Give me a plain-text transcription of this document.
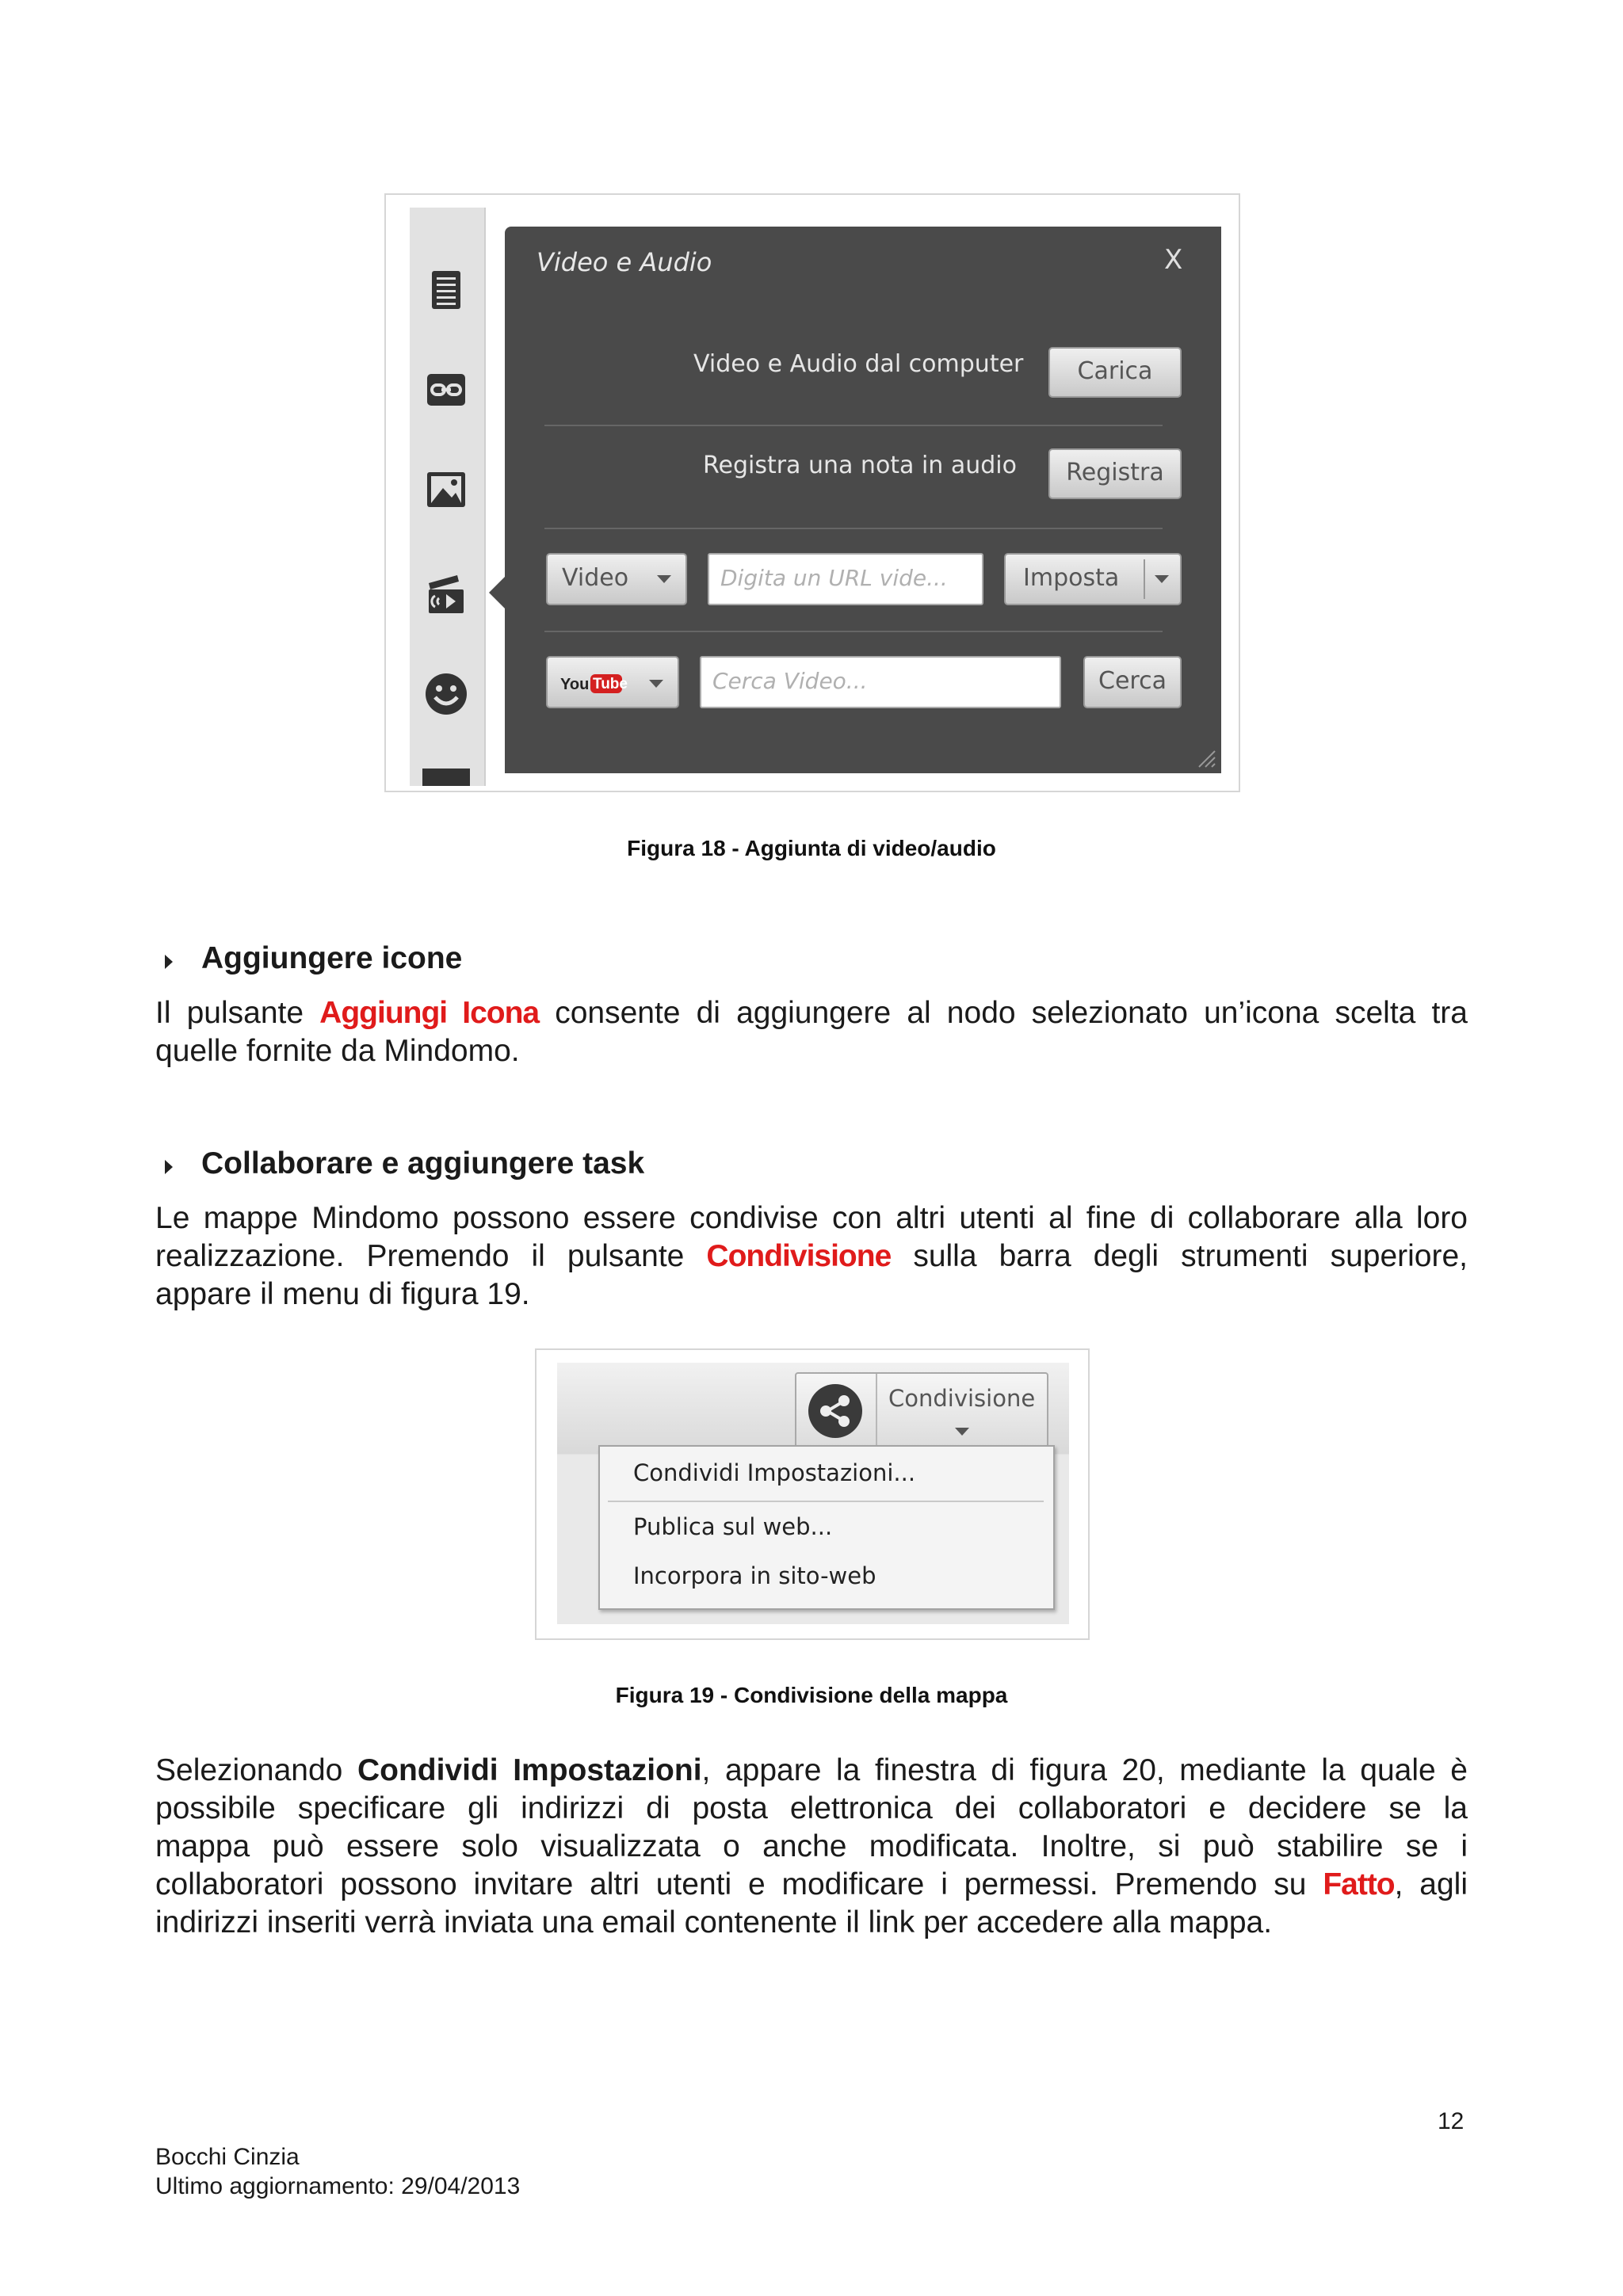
Video e Audio	X
Video e Audio dal computer	Carica
Registra una nota in audio	Registra
Video	Digita un URL vide...	Imposta
You Tube	Cerca Video...	Cerca
Figura 18 - Aggiunta di video/audio
Aggiungere icone
Il pulsante Aggiungi Icona consente di aggiungere al nodo selezionato un’icona scelta tra
quelle fornite da Mindomo.
Collaborare e aggiungere task
Le mappe Mindomo possono essere condivise con altri utenti al fine di collaborare alla loro
realizzazione. Premendo il pulsante Condivisione sulla barra degli strumenti superiore,
appare il menu di figura 19.
Condivisione
Condividi Impostazioni...
Publica sul web...
Incorpora in sito-web
Figura 19 - Condivisione della mappa
Selezionando Condividi Impostazioni, appare la finestra di figura 20, mediante la quale è
possibile specificare gli indirizzi di posta elettronica dei collaboratori e decidere se la
mappa può essere solo visualizzata o anche modificata. Inoltre, si può stabilire se i
collaboratori possono invitare altri utenti e modificare i permessi. Premendo su Fatto, agli
indirizzi inseriti verrà inviata una email contenente il link per accedere alla mappa.
12
Bocchi Cinzia
Ultimo aggiornamento: 29/04/2013
